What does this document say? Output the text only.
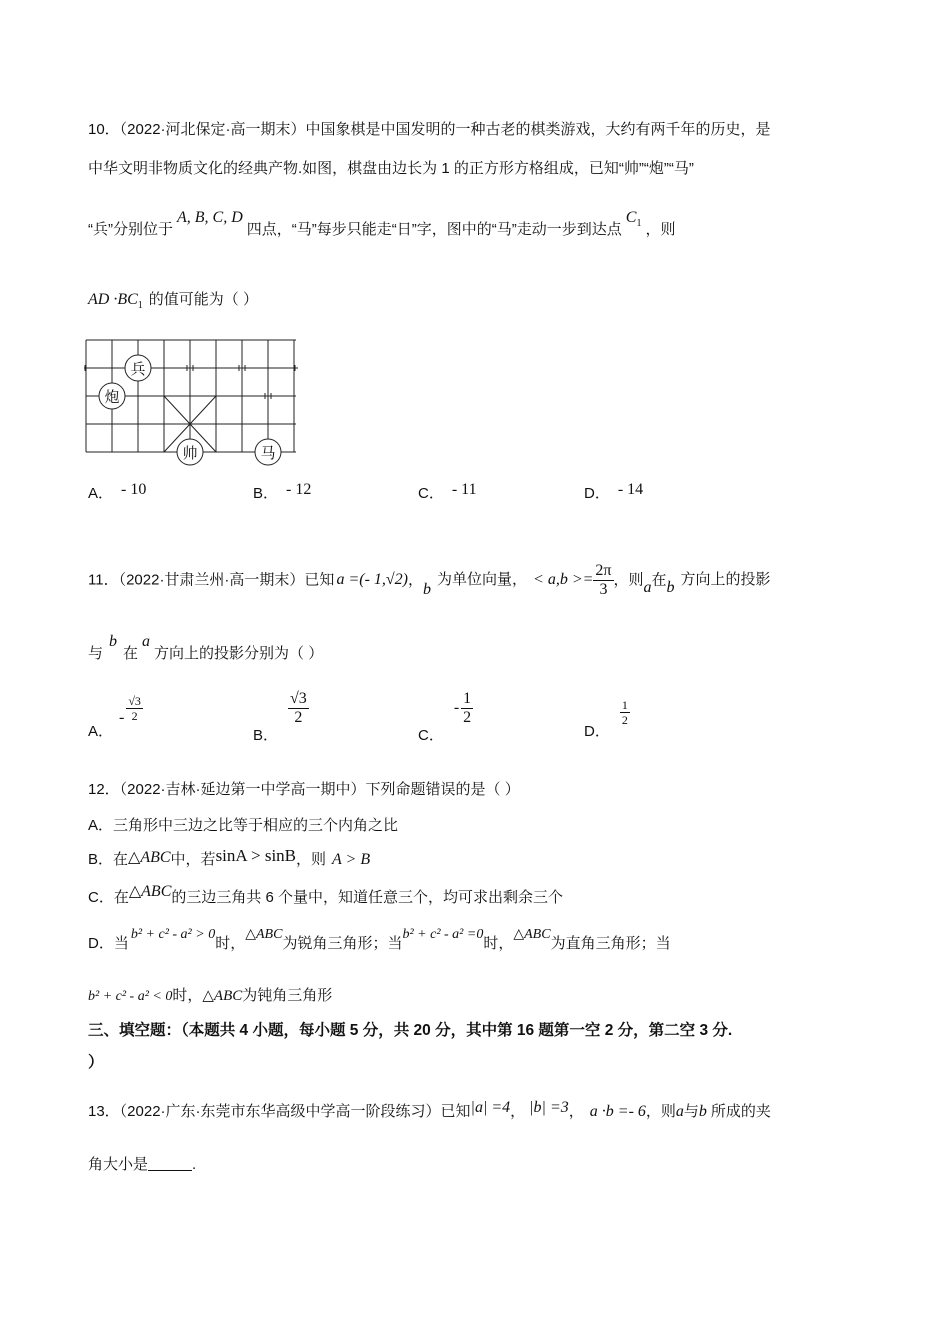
10．（2022·河北保定·高一期末）中国象棋是中国发明的一种古老的棋类游戏，大约有两千年的历史，是
中华文明非物质文化的经典产物.如图，棋盘由边长为 1 的正方形方格组成，已知“帅”“炮”“马”
“兵”分别位于A, B, C, D四点，“马”每步只能走“日”字，图中的“马”走动一步到达点$C_1$ ，则
AD $\cdot BC_1$ 的值可能为（ ）
兵
炮
帅	马
A． - 10	B． - 12	C． - 11	D． - 14
11．（2022·甘肃兰州·高一期末）已知 a =(- 1,√2)，b为单位向量， < $a,b >= \frac{2\pi}{3}$ ，则a在b 方向上的投影
与b在a方向上的投影分别为（ ）
A．- $\frac{√3}{2}$
B．
$\frac{√3}{2}$
C．- $\frac{1}{2}$
D．
$\frac{1}{2}$
12．（2022·吉林·延边第一中学高一期中）下列命题错误的是（ ）
A．三角形中三边之比等于相应的三个内角之比
B．在△ABC中，若sinA > sinB，则 A > B
C．在△ABC的三边三角共 6 个量中，知道任意三个，均可求出剩余三个
D．当b² + c² - a² > 0时，△ABC为锐角三角形；当b² + c² - a² =0时，△ABC为直角三角形；当
b² + c² - a² < 0时，△ABC为钝角三角形
三、填空题：（本题共 4 小题，每小题 5 分，共 20 分，其中第 16 题第一空 2 分，第二空 3 分.
）
13．（2022·广东·东莞市东华高级中学高一阶段练习）已知|a| =4， |b| =3， a ·b =- 6，则a与b 所成的夹
角大小是	.
